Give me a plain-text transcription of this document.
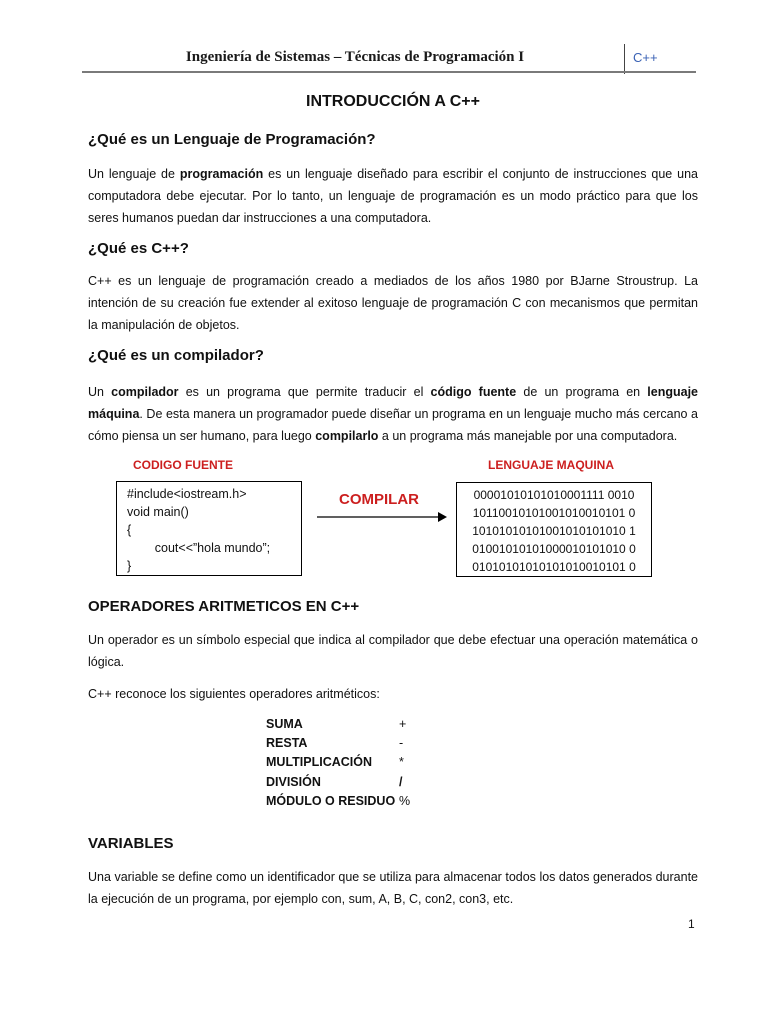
Ingeniería de Sistemas – Técnicas de Programación I	C++
INTRODUCCIÓN A C++
¿Qué es un Lenguaje de Programación?
Un lenguaje de programación es un lenguaje diseñado para escribir el conjunto de instrucciones que una computadora debe ejecutar. Por lo tanto, un lenguaje de programación es un modo práctico para que los seres humanos puedan dar instrucciones a una computadora.
¿Qué es C++?
C++ es un lenguaje de programación creado a mediados de los años 1980 por BJarne Stroustrup. La intención de su creación fue extender al exitoso lenguaje de programación C con mecanismos que permitan la manipulación de objetos.
¿Qué es un compilador?
Un compilador es un programa que permite traducir el código fuente de un programa en lenguaje máquina. De esta manera un programador puede diseñar un programa en un lenguaje mucho más cercano a cómo piensa un ser humano, para luego compilarlo a un programa más manejable por una computadora.
CODIGO FUENTE	LENGUAJE MAQUINA
#include<iostream.h>
void main()
{
cout<<”hola mundo”;
}
COMPILAR	00001010101010001111 0010
10110010101001010010101 0
10101010101001010101010 1
01001010101000010101010 0
01010101010101010010101 0
OPERADORES ARITMETICOS EN C++
Un operador es un símbolo especial que indica al compilador que debe efectuar una operación matemática o lógica.
C++ reconoce los siguientes operadores aritméticos:
SUMA	+
RESTA	-
MULTIPLICACIÓN *
DIVISIÓN	/
MÓDULO O RESIDUO %
VARIABLES
Una variable se define como un identificador que se utiliza para almacenar todos los datos generados durante la ejecución de un programa, por ejemplo con, sum, A, B, C, con2, con3, etc.
1
